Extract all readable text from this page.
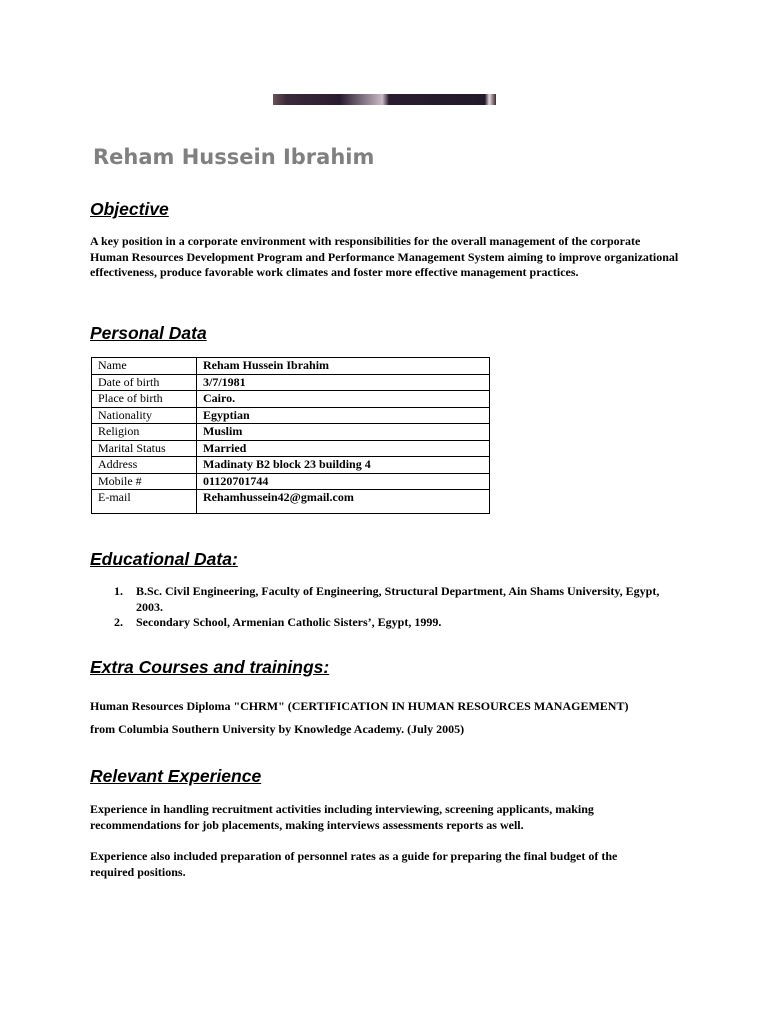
Reham Hussein Ibrahim
Objective

A key position in a corporate environment with responsibilities for the overall management of the corporate Human Resources Development Program and Performance Management System aiming to improve organizational effectiveness, produce favorable work climates and foster more effective management practices.

Personal Data
Name	Reham Hussein Ibrahim
Date of birth	3/7/1981
Place of birth	Cairo.
Nationality	Egyptian
Religion	Muslim
Marital Status	Married
Address	Madinaty B2 block 23 building 4
Mobile #	01120701744
E-mail	Rehamhussein42@gmail.com
Educational Data:
1. B.Sc. Civil Engineering, Faculty of Engineering, Structural Department, Ain Shams University, Egypt, 2003.
2. Secondary School, Armenian Catholic Sisters’, Egypt, 1999.
Extra Courses and trainings:

Human Resources Diploma "CHRM" (CERTIFICATION IN HUMAN RESOURCES MANAGEMENT)

from Columbia Southern University by Knowledge Academy. (July 2005)

Relevant Experience

Experience in handling recruitment activities including interviewing, screening applicants, making recommendations for job placements, making interviews assessments reports as well.

Experience also included preparation of personnel rates as a guide for preparing the final budget of the required positions.
